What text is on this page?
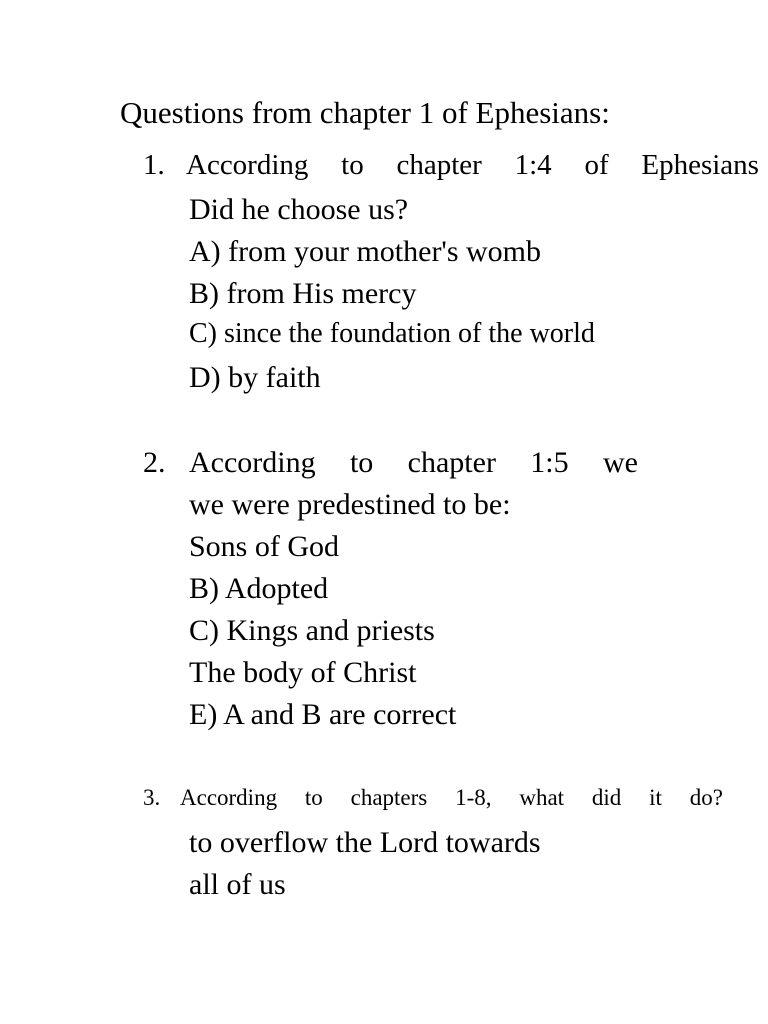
Questions from chapter 1 of Ephesians:
1. According to chapter 1:4 of Ephesians
Did he choose us?
A) from your mother's womb
B) from His mercy
C) since the foundation of the world
D) by faith
2. According to chapter 1:5 we
we were predestined to be:
Sons of God
B) Adopted
C) Kings and priests
The body of Christ
E) A and B are correct
3. According to chapters 1-8, what did it do?
to overflow the Lord towards
all of us
